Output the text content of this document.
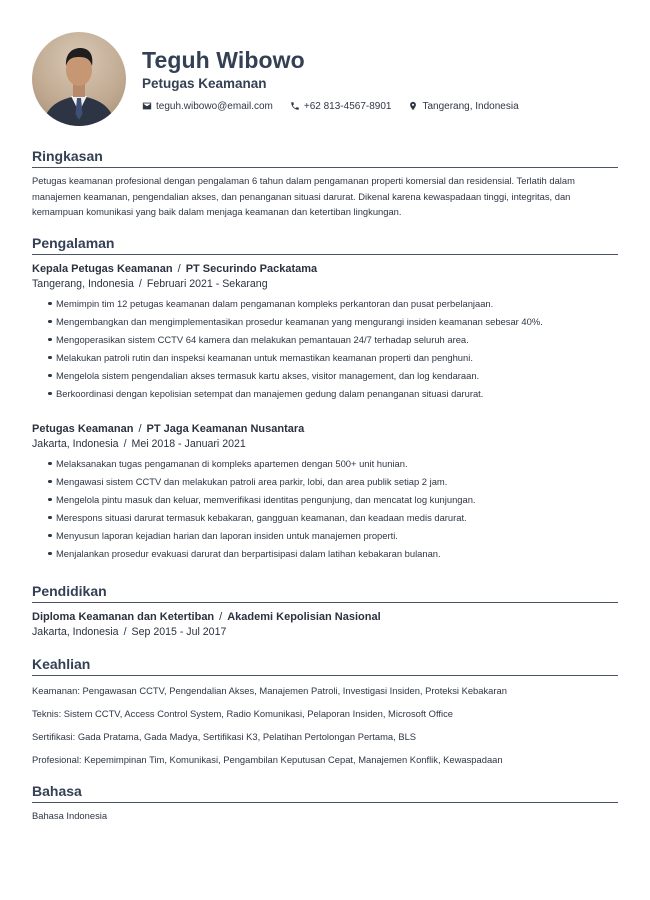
Teguh Wibowo
Petugas Keamanan
teguh.wibowo@email.com	+62 813-4567-8901	Tangerang, Indonesia
Ringkasan
Petugas keamanan profesional dengan pengalaman 6 tahun dalam pengamanan properti komersial dan residensial. Terlatih dalam manajemen keamanan, pengendalian akses, dan penanganan situasi darurat. Dikenal karena kewaspadaan tinggi, integritas, dan kemampuan komunikasi yang baik dalam menjaga keamanan dan ketertiban lingkungan.
Pengalaman
Kepala Petugas Keamanan / PT Securindo Packatama
Tangerang, Indonesia / Februari 2021 - Sekarang
Memimpin tim 12 petugas keamanan dalam pengamanan kompleks perkantoran dan pusat perbelanjaan.
Mengembangkan dan mengimplementasikan prosedur keamanan yang mengurangi insiden keamanan sebesar 40%.
Mengoperasikan sistem CCTV 64 kamera dan melakukan pemantauan 24/7 terhadap seluruh area.
Melakukan patroli rutin dan inspeksi keamanan untuk memastikan keamanan properti dan penghuni.
Mengelola sistem pengendalian akses termasuk kartu akses, visitor management, dan log kendaraan.
Berkoordinasi dengan kepolisian setempat dan manajemen gedung dalam penanganan situasi darurat.
Petugas Keamanan / PT Jaga Keamanan Nusantara
Jakarta, Indonesia / Mei 2018 - Januari 2021
Melaksanakan tugas pengamanan di kompleks apartemen dengan 500+ unit hunian.
Mengawasi sistem CCTV dan melakukan patroli area parkir, lobi, dan area publik setiap 2 jam.
Mengelola pintu masuk dan keluar, memverifikasi identitas pengunjung, dan mencatat log kunjungan.
Merespons situasi darurat termasuk kebakaran, gangguan keamanan, dan keadaan medis darurat.
Menyusun laporan kejadian harian dan laporan insiden untuk manajemen properti.
Menjalankan prosedur evakuasi darurat dan berpartisipasi dalam latihan kebakaran bulanan.
Pendidikan
Diploma Keamanan dan Ketertiban / Akademi Kepolisian Nasional
Jakarta, Indonesia / Sep 2015 - Jul 2017
Keahlian
Keamanan: Pengawasan CCTV, Pengendalian Akses, Manajemen Patroli, Investigasi Insiden, Proteksi Kebakaran
Teknis: Sistem CCTV, Access Control System, Radio Komunikasi, Pelaporan Insiden, Microsoft Office
Sertifikasi: Gada Pratama, Gada Madya, Sertifikasi K3, Pelatihan Pertolongan Pertama, BLS
Profesional: Kepemimpinan Tim, Komunikasi, Pengambilan Keputusan Cepat, Manajemen Konflik, Kewaspadaan
Bahasa
Bahasa Indonesia
